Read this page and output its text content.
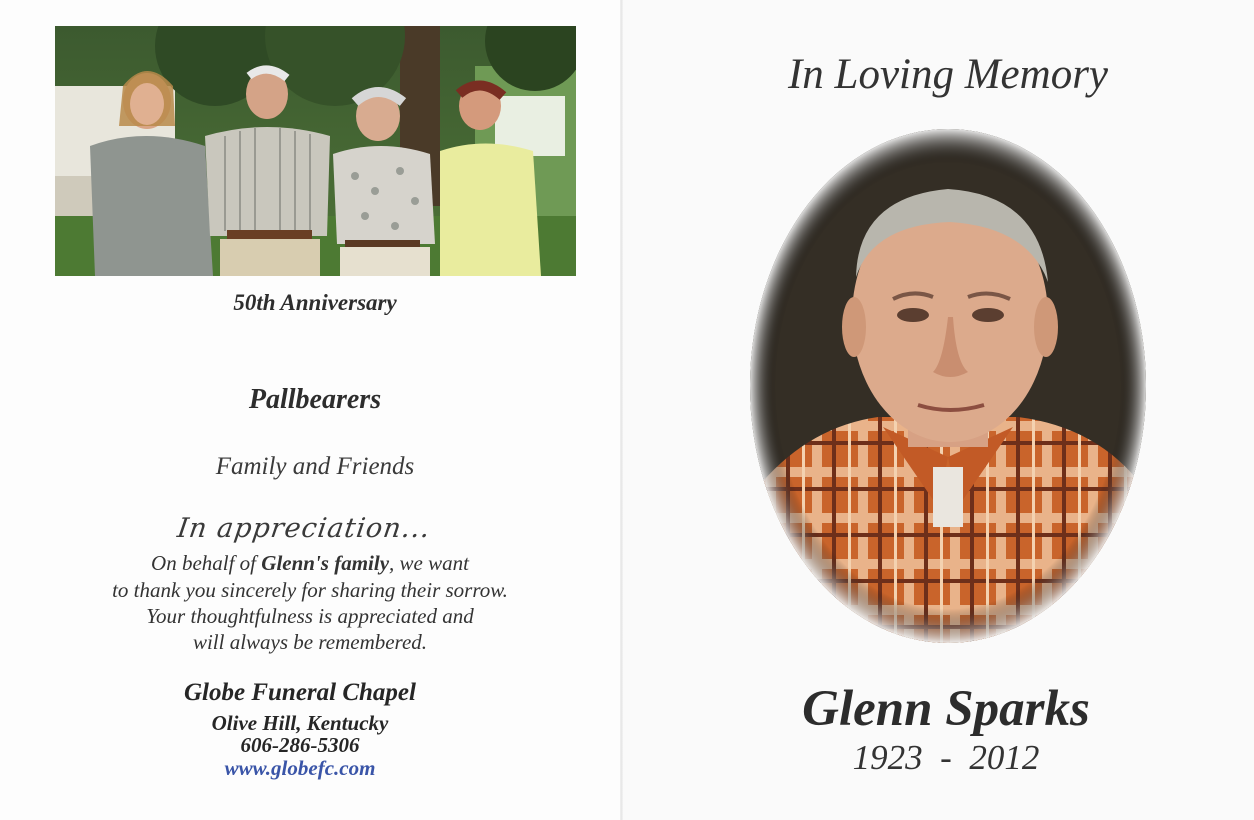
50th Anniversary
Pallbearers
Family and Friends
In appreciation...
On behalf of Glenn's family, we want
to thank you sincerely for sharing their sorrow.
Your thoughtfulness is appreciated and
will always be remembered.
Globe Funeral Chapel
Olive Hill, Kentucky
606-286-5306
www.globefc.com
In Loving Memory
Glenn Sparks
1923  -  2012
